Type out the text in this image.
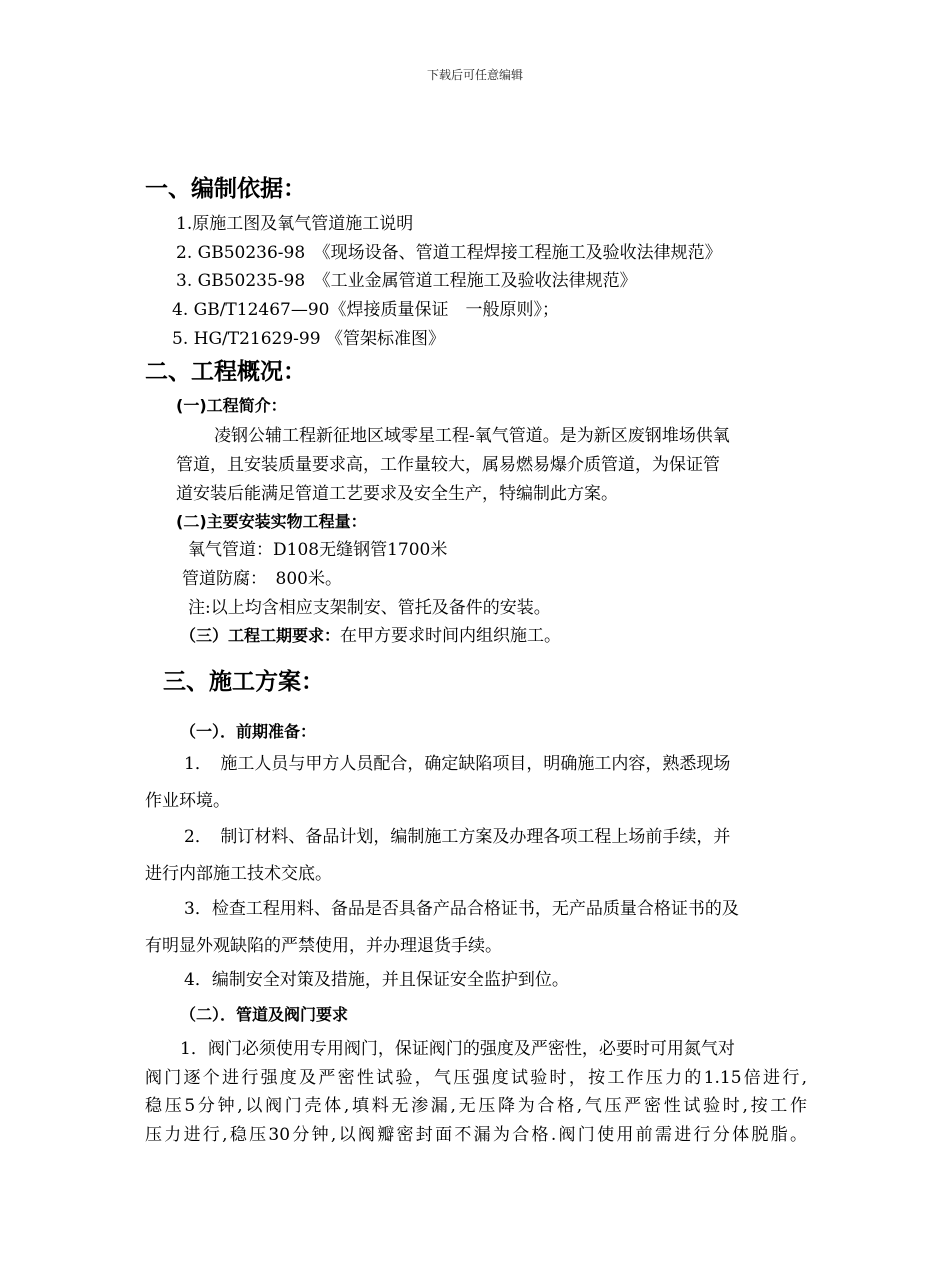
下载后可任意编辑
一、编制依据：
1.原施工图及氧气管道施工说明
2. GB50236-98　《现场设备、管道工程焊接工程施工及验收法律规范》
3. GB50235-98　《工业金属管道工程施工及验收法律规范》
4. GB/T12467—90《焊接质量保证　一般原则》；
5. HG/T21629-99 《管架标准图》
二、工程概况：
(一)工程简介：
凌钢公辅工程新征地区域零星工程-氧气管道。是为新区废钢堆场供氧
管道，且安装质量要求高，工作量较大，属易燃易爆介质管道，为保证管
道安装后能满足管道工艺要求及安全生产，特编制此方案。
(二)主要安装实物工程量：
氧气管道：D108无缝钢管1700米
管道防腐：　800米。
注:以上均含相应支架制安、管托及备件的安装。
（三）工程工期要求：在甲方要求时间内组织施工。
三、施工方案：
（一）．前期准备：
1．　施工人员与甲方人员配合，确定缺陷项目，明确施工内容，熟悉现场
作业环境。
2．　制订材料、备品计划，编制施工方案及办理各项工程上场前手续，并
进行内部施工技术交底。
3．检查工程用料、备品是否具备产品合格证书，无产品质量合格证书的及
有明显外观缺陷的严禁使用，并办理退货手续。
4．编制安全对策及措施，并且保证安全监护到位。
（二）．管道及阀门要求
1．阀门必须使用专用阀门，保证阀门的强度及严密性，必要时可用氮气对
阀门逐个进行强度及严密性试验，气压强度试验时，按工作压力的1.15倍进行,
稳压5分钟,以阀门壳体,填料无渗漏,无压降为合格,气压严密性试验时,按工作
压力进行,稳压30分钟,以阀瓣密封面不漏为合格.阀门使用前需进行分体脱脂。
